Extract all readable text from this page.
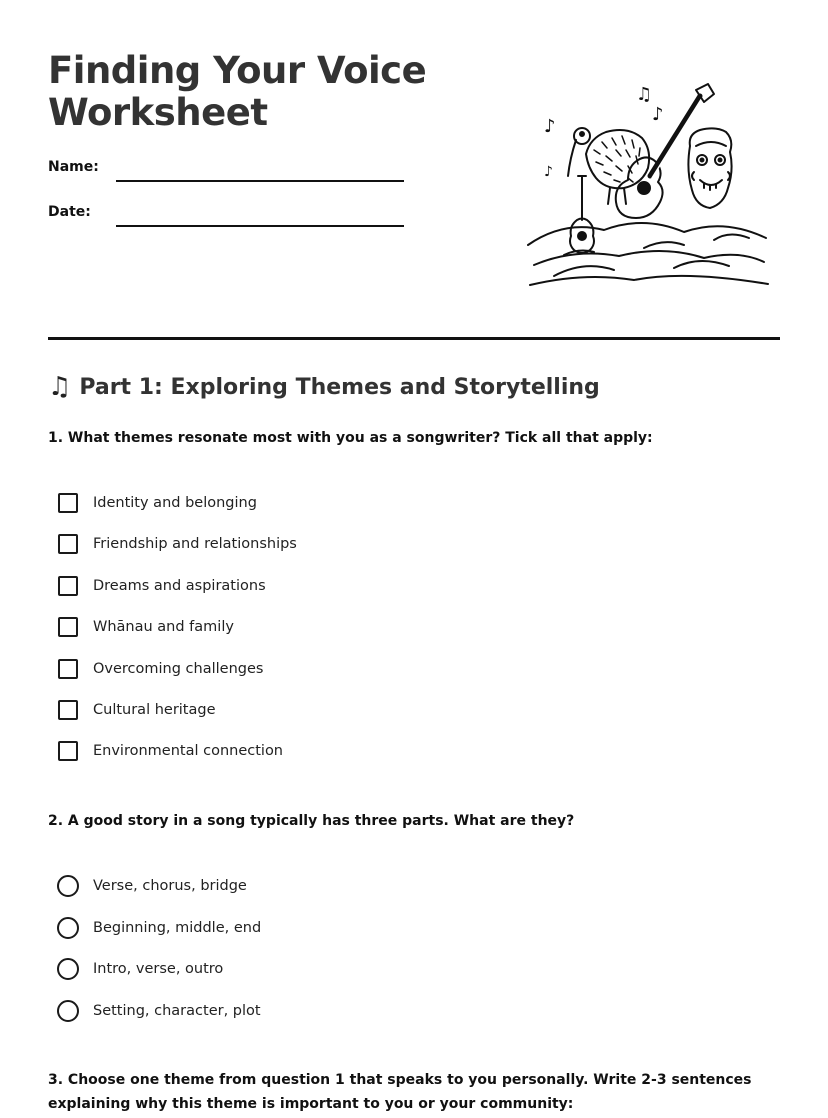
Finding Your Voice
Worksheet
Name:
Date:
♪
♪
♫
♪
♫ Part 1: Exploring Themes and Storytelling

1. What themes resonate most with you as a songwriter? Tick all that apply:

Identity and belonging
Friendship and relationships
Dreams and aspirations
Whānau and family
Overcoming challenges
Cultural heritage
Environmental connection

2. A good story in a song typically has three parts. What are they?

Verse, chorus, bridge
Beginning, middle, end
Intro, verse, outro
Setting, character, plot

3. Choose one theme from question 1 that speaks to you personally. Write 2-3 sentences explaining why this theme is important to you or your community:
